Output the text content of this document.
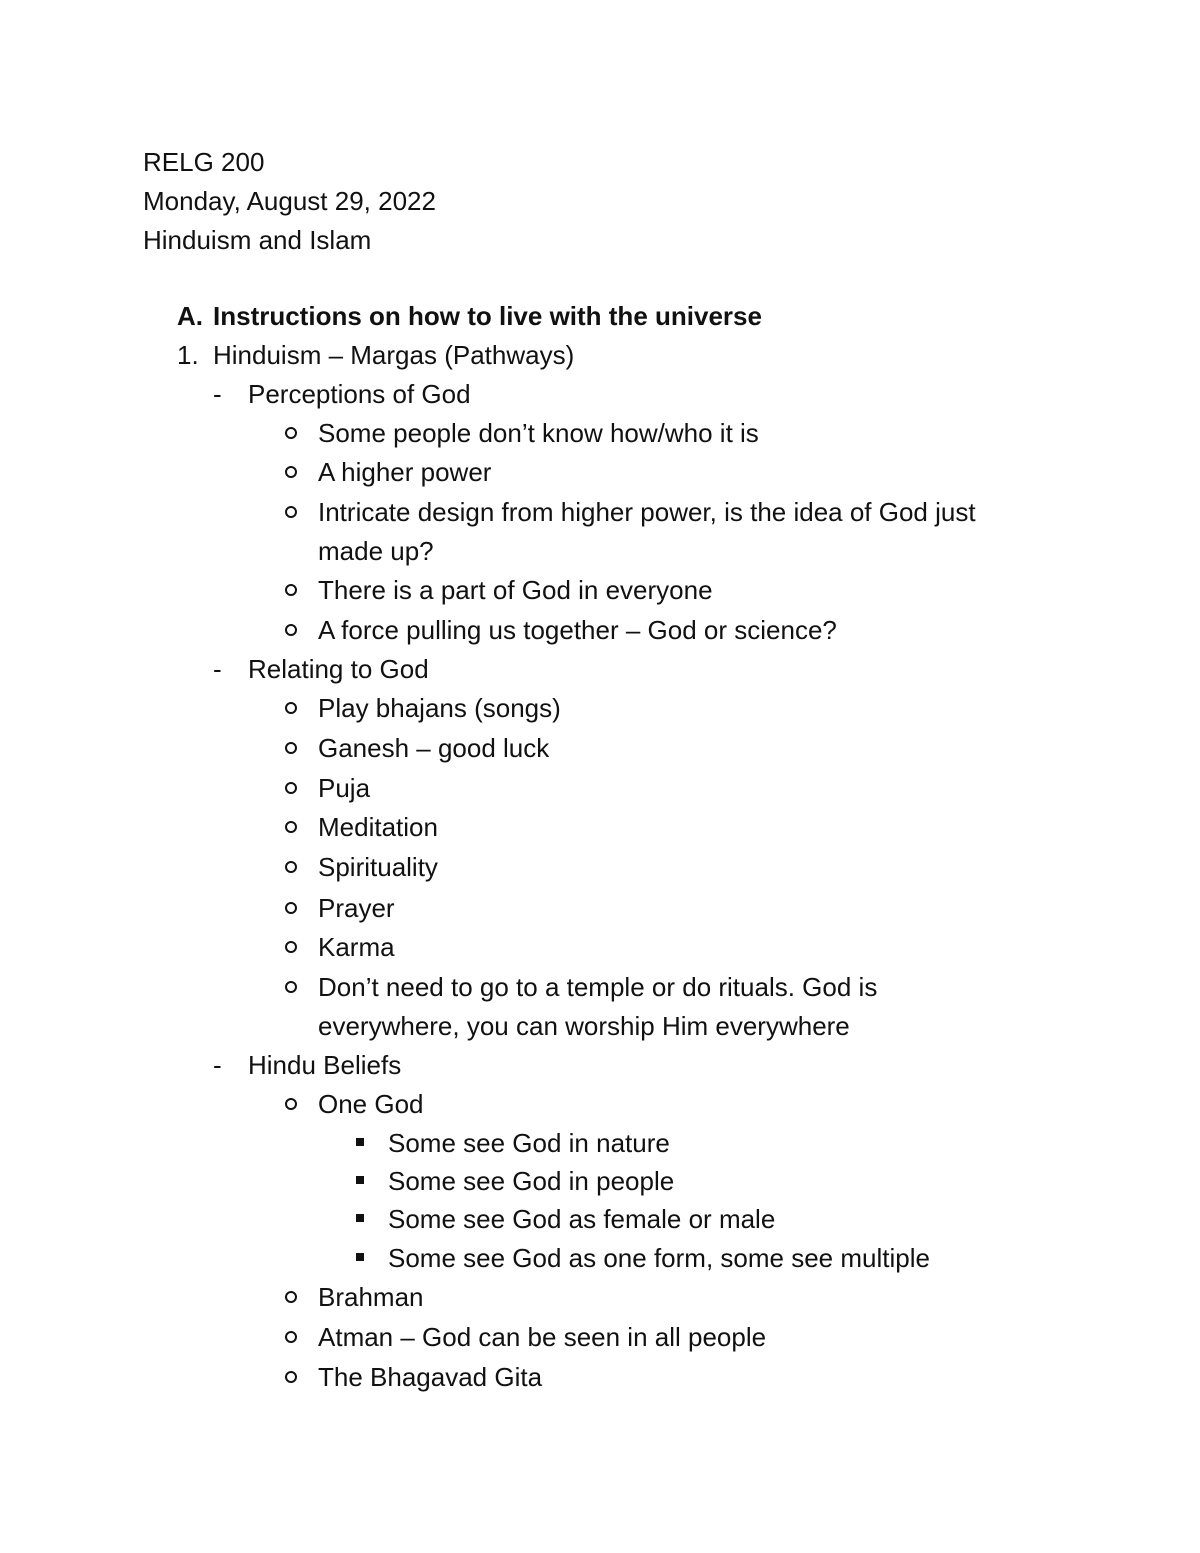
RELG 200
Monday, August 29, 2022
Hinduism and Islam
A. Instructions on how to live with the universe
1. Hinduism – Margas (Pathways)
- Perceptions of God
Some people don’t know how/who it is
A higher power
Intricate design from higher power, is the idea of God just
made up?
There is a part of God in everyone
A force pulling us together – God or science?
- Relating to God
Play bhajans (songs)
Ganesh – good luck
Puja
Meditation
Spirituality
Prayer
Karma
Don’t need to go to a temple or do rituals. God is
everywhere, you can worship Him everywhere
- Hindu Beliefs
One God
Some see God in nature
Some see God in people
Some see God as female or male
Some see God as one form, some see multiple
Brahman
Atman – God can be seen in all people
The Bhagavad Gita
